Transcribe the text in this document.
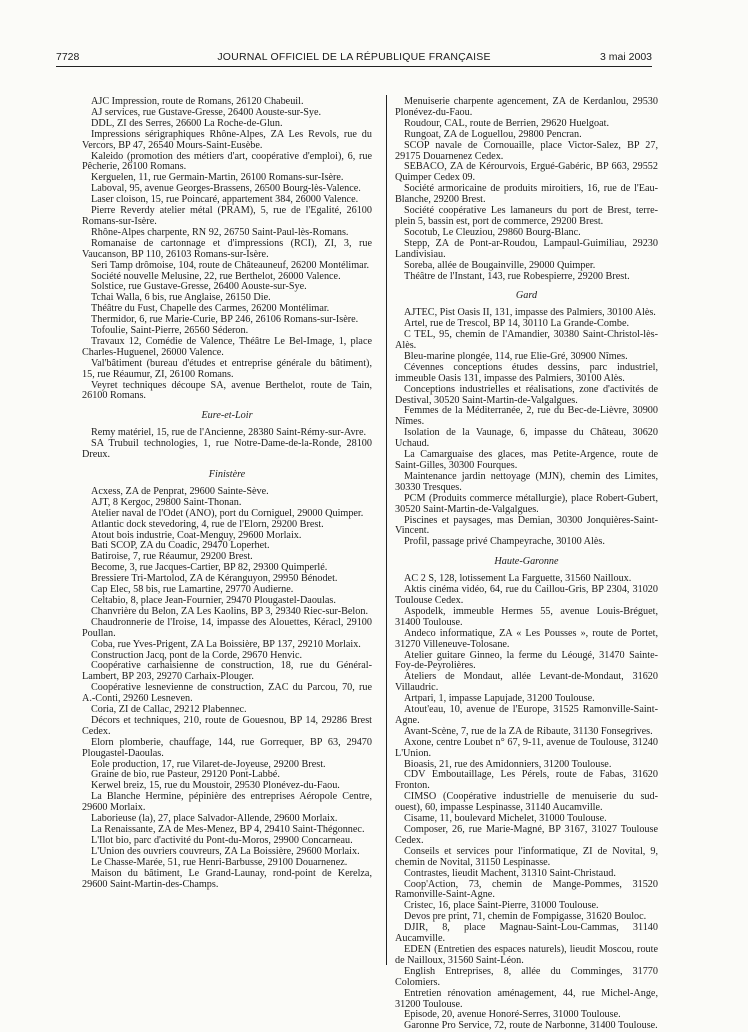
7728	JOURNAL OFFICIEL DE LA RÉPUBLIQUE FRANÇAISE	3 mai 2003

AJC Impression, route de Romans, 26120 Chabeuil.

AJ services, rue Gustave-Gresse, 26400 Aouste-sur-Sye.

DDL, ZI des Serres, 26600 La Roche-de-Glun.

Impressions sérigraphiques Rhône-Alpes, ZA Les Revols, rue du Vercors, BP 47, 26540 Mours-Saint-Eusèbe.

Kaleido (promotion des métiers d'art, coopérative d'emploi), 6, rue Pêcherie, 26100 Romans.

Kerguelen, 11, rue Germain-Martin, 26100 Romans-sur-Isère.

Laboval, 95, avenue Georges-Brassens, 26500 Bourg-lès-Valence.

Laser cloison, 15, rue Poincaré, appartement 384, 26000 Valence.

Pierre Reverdy atelier métal (PRAM), 5, rue de l'Egalité, 26100 Romans-sur-Isère.

Rhône-Alpes charpente, RN 92, 26750 Saint-Paul-lès-Romans.

Romanaise de cartonnage et d'impressions (RCI), ZI, 3, rue Vaucanson, BP 110, 26103 Romans-sur-Isère.

Seri Tamp drômoise, 104, route de Châteauneuf, 26200 Montélimar.

Société nouvelle Melusine, 22, rue Berthelot, 26000 Valence.

Solstice, rue Gustave-Gresse, 26400 Aouste-sur-Sye.

Tchai Walla, 6 bis, rue Anglaise, 26150 Die.

Théâtre du Fust, Chapelle des Carmes, 26200 Montélimar.

Thermidor, 6, rue Marie-Curie, BP 246, 26106 Romans-sur-Isère.

Tofoulie, Saint-Pierre, 26560 Séderon.

Travaux 12, Comédie de Valence, Théâtre Le Bel-Image, 1, place Charles-Huguenel, 26000 Valence.

Val'bâtiment (bureau d'études et entreprise générale du bâtiment), 15, rue Réaumur, ZI, 26100 Romans.

Veyret techniques découpe SA, avenue Berthelot, route de Tain, 26100 Romans.

Eure-et-Loir

Remy matériel, 15, rue de l'Ancienne, 28380 Saint-Rémy-sur-Avre.

SA Trubuil technologies, 1, rue Notre-Dame-de-la-Ronde, 28100 Dreux.

Finistère

Acxess, ZA de Penprat, 29600 Sainte-Sève.

AJT, 8 Kergoc, 29800 Saint-Thonan.

Atelier naval de l'Odet (ANO), port du Corniguel, 29000 Quimper.

Atlantic dock stevedoring, 4, rue de l'Elorn, 29200 Brest.

Atout bois industrie, Coat-Menguy, 29600 Morlaix.

Bati SCOP, ZA du Coadic, 29470 Loperhet.

Batiroise, 7, rue Réaumur, 29200 Brest.

Become, 3, rue Jacques-Cartier, BP 82, 29300 Quimperlé.

Bressiere Tri-Martolod, ZA de Kéranguyon, 29950 Bénodet.

Cap Elec, 58 bis, rue Lamartine, 29770 Audierne.

Celtabio, 8, place Jean-Fournier, 29470 Plougastel-Daoulas.

Chanvrière du Belon, ZA Les Kaolins, BP 3, 29340 Riec-sur-Belon.

Chaudronnerie de l'Iroise, 14, impasse des Alouettes, Kéracl, 29100 Poullan.

Coba, rue Yves-Prigent, ZA La Boissière, BP 137, 29210 Morlaix.

Construction Jacq, pont de la Corde, 29670 Henvic.

Coopérative carhaisienne de construction, 18, rue du Général-Lambert, BP 203, 29270 Carhaix-Plouger.

Coopérative lesnevienne de construction, ZAC du Parcou, 70, rue A.-Conti, 29260 Lesneven.

Coria, ZI de Callac, 29212 Plabennec.

Décors et techniques, 210, route de Gouesnou, BP 14, 29286 Brest Cedex.

Elorn plomberie, chauffage, 144, rue Gorrequer, BP 63, 29470 Plougastel-Daoulas.

Eole production, 17, rue Vilaret-de-Joyeuse, 29200 Brest.

Graine de bio, rue Pasteur, 29120 Pont-Labbé.

Kerwel breiz, 15, rue du Moustoir, 29530 Plonévez-du-Faou.

La Blanche Hermine, pépinière des entreprises Aéropole Centre, 29600 Morlaix.

Laborieuse (la), 27, place Salvador-Allende, 29600 Morlaix.

La Renaissante, ZA de Mes-Menez, BP 4, 29410 Saint-Thégonnec.

L'Ilot bio, parc d'activité du Pont-du-Moros, 29900 Concarneau.

L'Union des ouvriers couvreurs, ZA La Boissière, 29600 Morlaix.

Le Chasse-Marée, 51, rue Henri-Barbusse, 29100 Douarnenez.

Maison du bâtiment, Le Grand-Launay, rond-point de Kerelza, 29600 Saint-Martin-des-Champs.

Menuiserie charpente agencement, ZA de Kerdanlou, 29530 Plonévez-du-Faou.

Roudour, CAL, route de Berrien, 29620 Huelgoat.

Rungoat, ZA de Loguellou, 29800 Pencran.

SCOP navale de Cornouaille, place Victor-Salez, BP 27, 29175 Douarnenez Cedex.

SEBACO, ZA de Kérourvois, Ergué-Gabéric, BP 663, 29552 Quimper Cedex 09.

Société armoricaine de produits miroitiers, 16, rue de l'Eau-Blanche, 29200 Brest.

Société coopérative Les lamaneurs du port de Brest, terre-plein 5, bassin est, port de commerce, 29200 Brest.

Socotub, Le Cleuziou, 29860 Bourg-Blanc.

Stepp, ZA de Pont-ar-Roudou, Lampaul-Guimiliau, 29230 Landivisiau.

Soreba, allée de Bougainville, 29000 Quimper.

Théâtre de l'Instant, 143, rue Robespierre, 29200 Brest.

Gard

AJTEC, Pist Oasis II, 131, impasse des Palmiers, 30100 Alès.

Artel, rue de Trescol, BP 14, 30110 La Grande-Combe.

C TEL, 95, chemin de l'Amandier, 30380 Saint-Christol-lès-Alès.

Bleu-marine plongée, 114, rue Elie-Gré, 30900 Nîmes.

Cévennes conceptions études dessins, parc industriel, immeuble Oasis 131, impasse des Palmiers, 30100 Alès.

Conceptions industrielles et réalisations, zone d'activités de Destival, 30520 Saint-Martin-de-Valgalgues.

Femmes de la Méditerranée, 2, rue du Bec-de-Lièvre, 30900 Nîmes.

Isolation de la Vaunage, 6, impasse du Château, 30620 Uchaud.

La Camarguaise des glaces, mas Petite-Argence, route de Saint-Gilles, 30300 Fourques.

Maintenance jardin nettoyage (MJN), chemin des Limites, 30330 Tresques.

PCM (Produits commerce métallurgie), place Robert-Gubert, 30520 Saint-Martin-de-Valgalgues.

Piscines et paysages, mas Demian, 30300 Jonquières-Saint-Vincent.

Profil, passage privé Champeyrache, 30100 Alès.

Haute-Garonne

AC 2 S, 128, lotissement La Farguette, 31560 Nailloux.

Aktis cinéma vidéo, 64, rue du Caillou-Gris, BP 2304, 31020 Toulouse Cedex.

Aspodelk, immeuble Hermes 55, avenue Louis-Bréguet, 31400 Toulouse.

Andeco informatique, ZA « Les Pousses », route de Portet, 31270 Villeneuve-Tolosane.

Atelier guitare Ginneo, la ferme du Léougé, 31470 Sainte-Foy-de-Peyrolières.

Ateliers de Mondaut, allée Levant-de-Mondaut, 31620 Villaudric.

Artpari, 1, impasse Lapujade, 31200 Toulouse.

Atout'eau, 10, avenue de l'Europe, 31525 Ramonville-Saint-Agne.

Avant-Scène, 7, rue de la ZA de Ribaute, 31130 Fonsegrives.

Axone, centre Loubet n° 67, 9-11, avenue de Toulouse, 31240 L'Union.

Bioasis, 21, rue des Amidonniers, 31200 Toulouse.

CDV Emboutaillage, Les Pérels, route de Fabas, 31620 Fronton.

CIMSO (Coopérative industrielle de menuiserie du sud-ouest), 60, impasse Lespinasse, 31140 Aucamville.

Cisame, 11, boulevard Michelet, 31000 Toulouse.

Composer, 26, rue Marie-Magné, BP 3167, 31027 Toulouse Cedex.

Conseils et services pour l'informatique, ZI de Novital, 9, chemin de Novital, 31150 Lespinasse.

Contrastes, lieudit Machent, 31310 Saint-Christaud.

Coop'Action, 73, chemin de Mange-Pommes, 31520 Ramonville-Saint-Agne.

Cristec, 16, place Saint-Pierre, 31000 Toulouse.

Devos pre print, 71, chemin de Fompigasse, 31620 Bouloc.

DJIR, 8, place Magnau-Saint-Lou-Cammas, 31140 Aucamville.

EDEN (Entretien des espaces naturels), lieudit Moscou, route de Nailloux, 31560 Saint-Léon.

English Entreprises, 8, allée du Comminges, 31770 Colomiers.

Entretien rénovation aménagement, 44, rue Michel-Ange, 31200 Toulouse.

Episode, 20, avenue Honoré-Serres, 31000 Toulouse.

Garonne Pro Service, 72, route de Narbonne, 31400 Toulouse.
